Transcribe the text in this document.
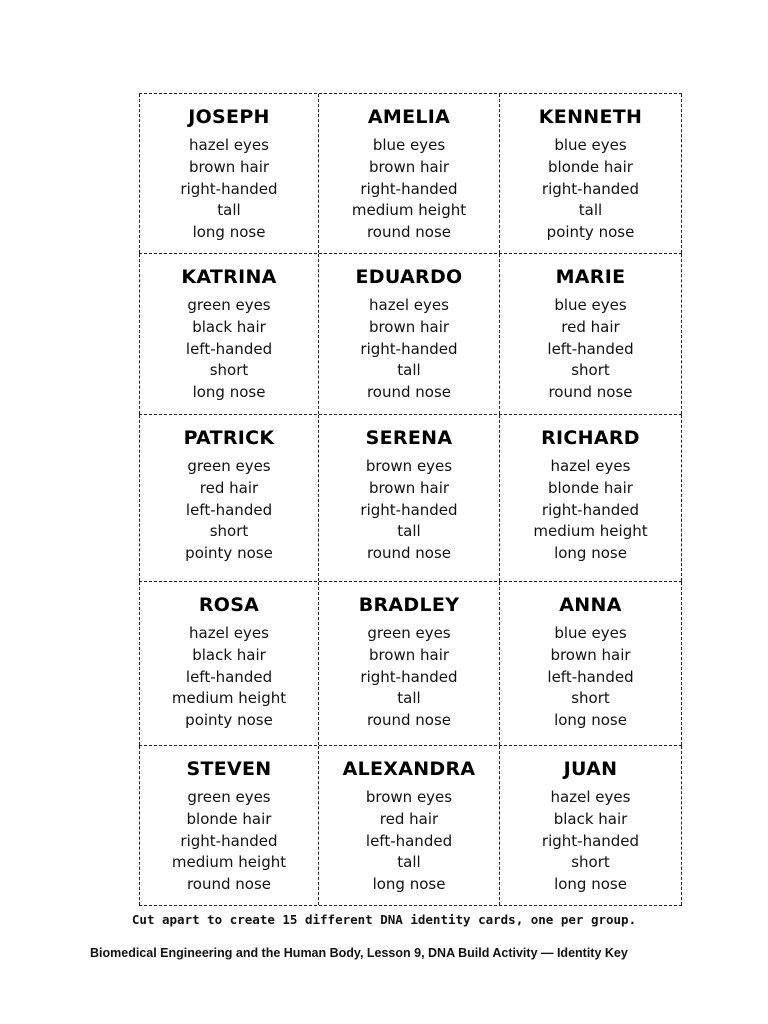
JOSEPH
hazel eyes
brown hair
right-handed
tall
long nose
AMELIA
blue eyes
brown hair
right-handed
medium height
round nose
KENNETH
blue eyes
blonde hair
right-handed
tall
pointy nose
KATRINA
green eyes
black hair
left-handed
short
long nose
EDUARDO
hazel eyes
brown hair
right-handed
tall
round nose
MARIE
blue eyes
red hair
left-handed
short
round nose
PATRICK
green eyes
red hair
left-handed
short
pointy nose
SERENA
brown eyes
brown hair
right-handed
tall
round nose
RICHARD
hazel eyes
blonde hair
right-handed
medium height
long nose
ROSA
hazel eyes
black hair
left-handed
medium height
pointy nose
BRADLEY
green eyes
brown hair
right-handed
tall
round nose
ANNA
blue eyes
brown hair
left-handed
short
long nose
STEVEN
green eyes
blonde hair
right-handed
medium height
round nose
ALEXANDRA
brown eyes
red hair
left-handed
tall
long nose
JUAN
hazel eyes
black hair
right-handed
short
long nose
Cut apart to create 15 different DNA identity cards, one per group.
Biomedical Engineering and the Human Body, Lesson 9, DNA Build Activity — Identity Key
